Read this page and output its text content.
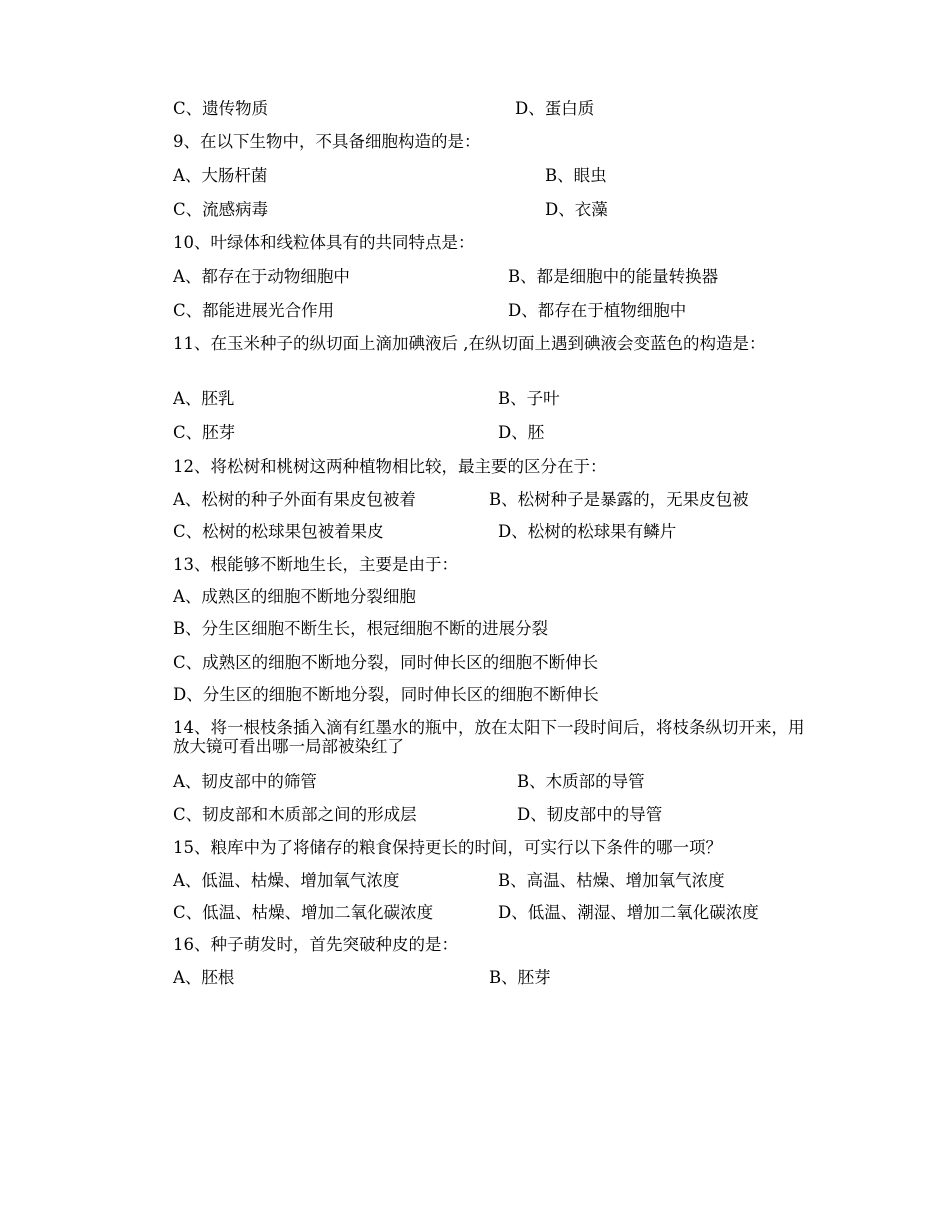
C、遗传物质	D、蛋白质
9、在以下生物中，不具备细胞构造的是：
A、大肠杆菌	B、眼虫
C、流感病毒	D、衣藻
10、叶绿体和线粒体具有的共同特点是：
A、都存在于动物细胞中	B、都是细胞中的能量转换器
C、都能进展光合作用	D、都存在于植物细胞中
11、在玉米种子的纵切面上滴加碘液后 ,在纵切面上遇到碘液会变蓝色的构造是：
A、胚乳	B、子叶
C、胚芽	D、胚
12、将松树和桃树这两种植物相比较，最主要的区分在于：
A、松树的种子外面有果皮包被着	B、松树种子是暴露的，无果皮包被
C、松树的松球果包被着果皮	D、松树的松球果有鳞片
13、根能够不断地生长，主要是由于：
A、成熟区的细胞不断地分裂细胞
B、分生区细胞不断生长，根冠细胞不断的进展分裂
C、成熟区的细胞不断地分裂，同时伸长区的细胞不断伸长
D、分生区的细胞不断地分裂，同时伸长区的细胞不断伸长
14、将一根枝条插入滴有红墨水的瓶中，放在太阳下一段时间后，将枝条纵切开来，用放大镜可看出哪一局部被染红了
A、韧皮部中的筛管	B、木质部的导管
C、韧皮部和木质部之间的形成层	D、韧皮部中的导管
15、粮库中为了将储存的粮食保持更长的时间，可实行以下条件的哪一项？
A、低温、枯燥、增加氧气浓度	B、高温、枯燥、增加氧气浓度
C、低温、枯燥、增加二氧化碳浓度	D、低温、潮湿、增加二氧化碳浓度
16、种子萌发时，首先突破种皮的是：
A、胚根	B、胚芽
